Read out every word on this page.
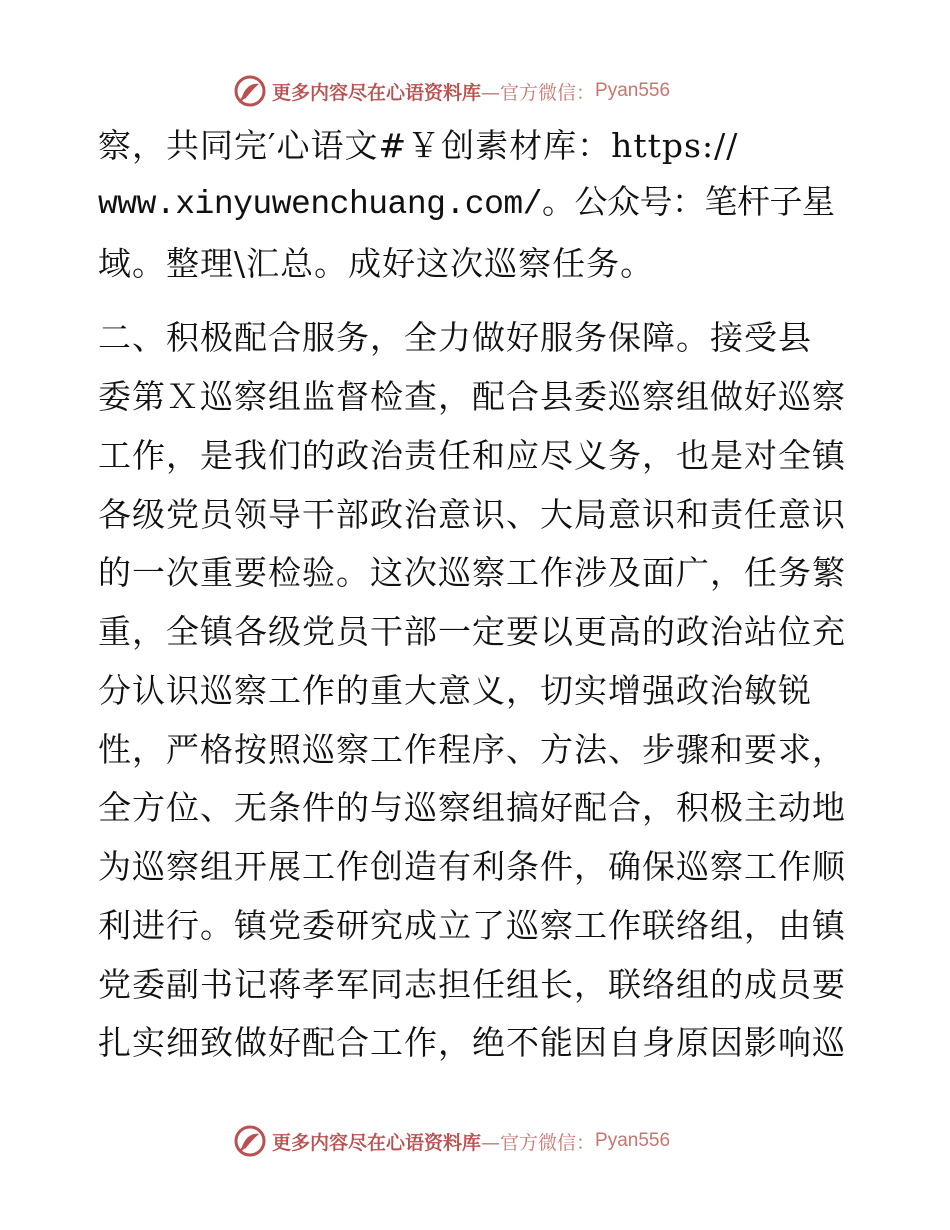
更多内容尽在心语资料库 —官方微信： Pyan556
察，共同完′心语文#￥创素材库：https://
www.xinyuwenchuang.com/。公众号：笔杆子星
域。整理\汇总。成好这次巡察任务。
二、积极配合服务，全力做好服务保障。接受县
委第Ｘ巡察组监督检查，配合县委巡察组做好巡察
工作，是我们的政治责任和应尽义务，也是对全镇
各级党员领导干部政治意识、大局意识和责任意识
的一次重要检验。这次巡察工作涉及面广，任务繁
重，全镇各级党员干部一定要以更高的政治站位充
分认识巡察工作的重大意义，切实增强政治敏锐
性，严格按照巡察工作程序、方法、步骤和要求，
全方位、无条件的与巡察组搞好配合，积极主动地
为巡察组开展工作创造有利条件，确保巡察工作顺
利进行。镇党委研究成立了巡察工作联络组，由镇
党委副书记蒋孝军同志担任组长，联络组的成员要
扎实细致做好配合工作，绝不能因自身原因影响巡
更多内容尽在心语资料库 —官方微信： Pyan556
